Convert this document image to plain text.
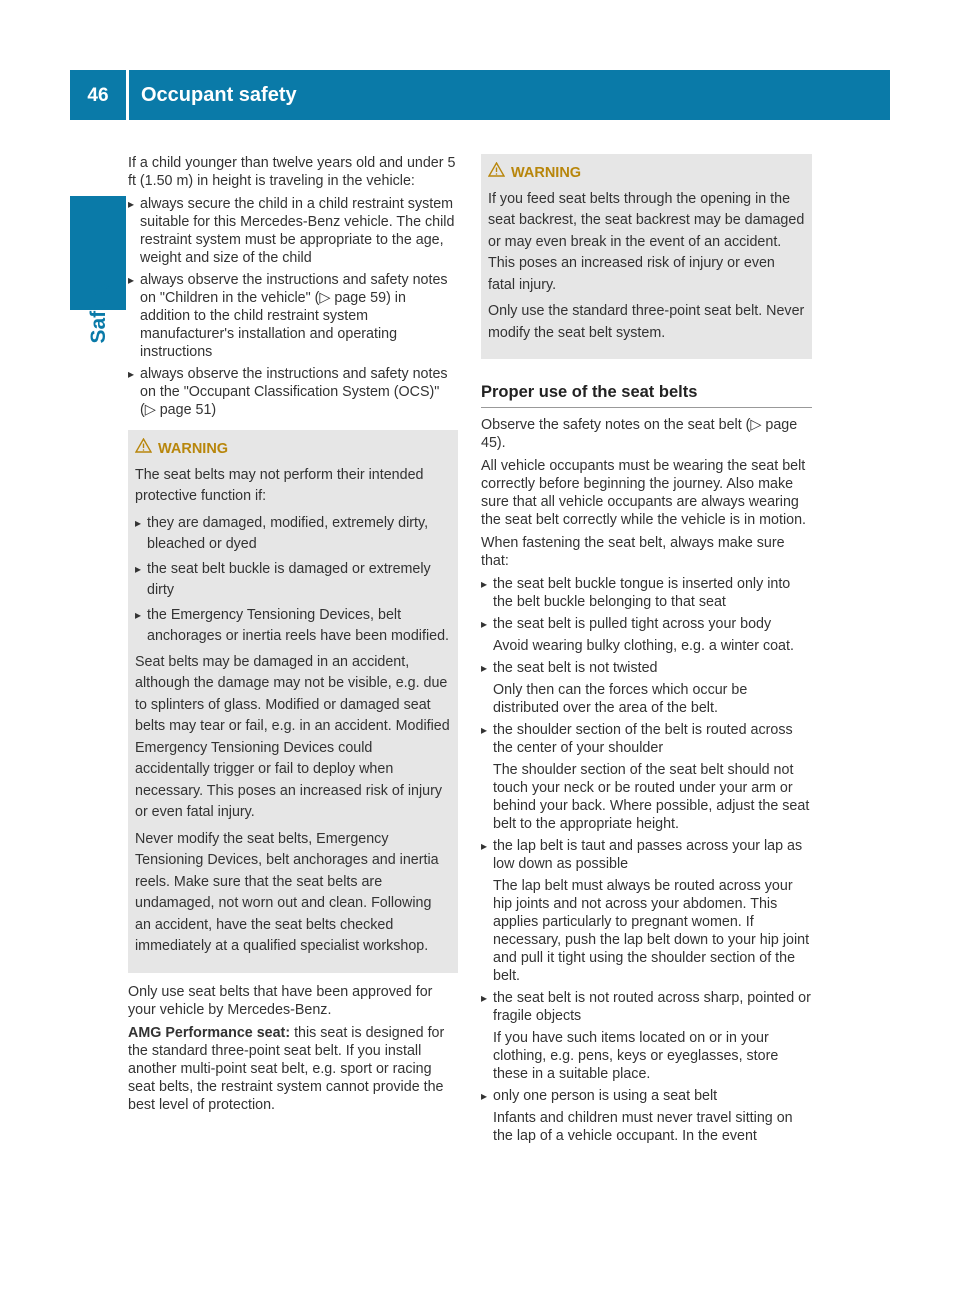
46	Occupant safety
Safety

If a child younger than twelve years old and under 5 ft (1.50 m) in height is traveling in the vehicle:

▸ always secure the child in a child restraint system suitable for this Mercedes-Benz vehicle. The child restraint system must be appropriate to the age, weight and size of the child
▸ always observe the instructions and safety notes on "Children in the vehicle" (▷ page 59) in addition to the child restraint system manufacturer's installation and operating instructions
▸ always observe the instructions and safety notes on the "Occupant Classification System (OCS)" (▷ page 51)
WARNING

The seat belts may not perform their intended protective function if:

▸ they are damaged, modified, extremely dirty, bleached or dyed
▸ the seat belt buckle is damaged or extremely dirty
▸ the Emergency Tensioning Devices, belt anchorages or inertia reels have been modified.

Seat belts may be damaged in an accident, although the damage may not be visible, e.g. due to splinters of glass. Modified or damaged seat belts may tear or fail, e.g. in an accident. Modified Emergency Tensioning Devices could accidentally trigger or fail to deploy when necessary. This poses an increased risk of injury or even fatal injury.

Never modify the seat belts, Emergency Tensioning Devices, belt anchorages and inertia reels. Make sure that the seat belts are undamaged, not worn out and clean. Following an accident, have the seat belts checked immediately at a qualified specialist workshop.

Only use seat belts that have been approved for your vehicle by Mercedes-Benz.

AMG Performance seat: this seat is designed for the standard three-point seat belt. If you install another multi-point seat belt, e.g. sport or racing seat belts, the restraint system cannot provide the best level of protection.

WARNING

If you feed seat belts through the opening in the seat backrest, the seat backrest may be damaged or may even break in the event of an accident. This poses an increased risk of injury or even fatal injury.

Only use the standard three-point seat belt. Never modify the seat belt system.

Proper use of the seat belts

Observe the safety notes on the seat belt (▷ page 45).

All vehicle occupants must be wearing the seat belt correctly before beginning the journey. Also make sure that all vehicle occupants are always wearing the seat belt correctly while the vehicle is in motion.

When fastening the seat belt, always make sure that:

▸ the seat belt buckle tongue is inserted only into the belt buckle belonging to that seat
▸ the seat belt is pulled tight across your body
Avoid wearing bulky clothing, e.g. a winter coat.
▸ the seat belt is not twisted
Only then can the forces which occur be distributed over the area of the belt.
▸ the shoulder section of the belt is routed across the center of your shoulder
The shoulder section of the seat belt should not touch your neck or be routed under your arm or behind your back. Where possible, adjust the seat belt to the appropriate height.
▸ the lap belt is taut and passes across your lap as low down as possible
The lap belt must always be routed across your hip joints and not across your abdomen. This applies particularly to pregnant women. If necessary, push the lap belt down to your hip joint and pull it tight using the shoulder section of the belt.
▸ the seat belt is not routed across sharp, pointed or fragile objects
If you have such items located on or in your clothing, e.g. pens, keys or eyeglasses, store these in a suitable place.
▸ only one person is using a seat belt
Infants and children must never travel sitting on the lap of a vehicle occupant. In the event
